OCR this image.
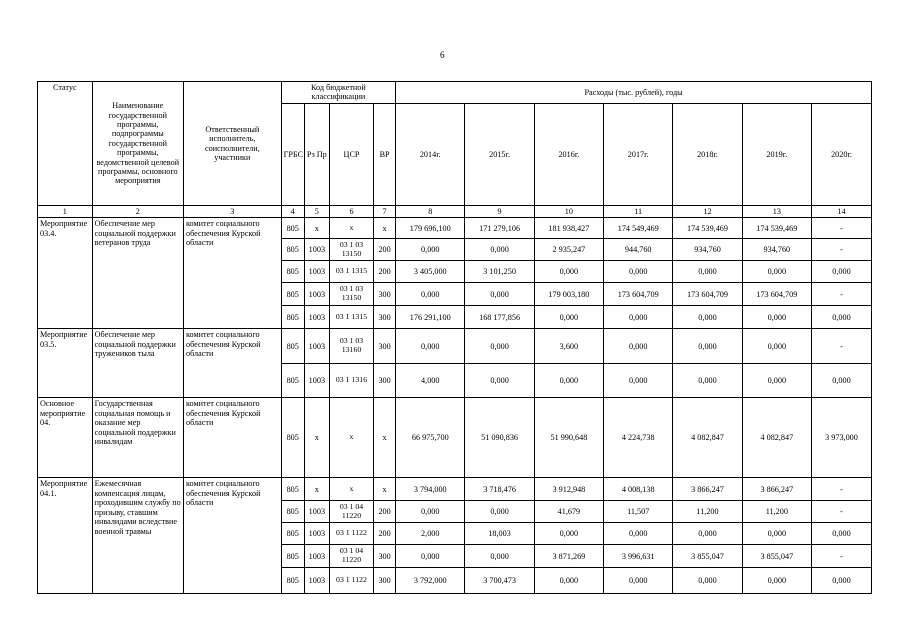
6
Статус	Наименование государственной программы, подпрограммы государственной программы, ведомственной целевой программы, основного мероприятия	Ответственный исполнитель, соисполнители, участники	Код бюджетной классификации				Расходы (тыс. рублей), годы						
			ГРБС	Рз Пр	ЦСР	ВР	2014г.	2015г.	2016г.	2017г.	2018г.	2019г.	2020г.
1	2	3	4	5	6	7	8	9	10	11	12	13	14
Мероприятие 03.4.	Обеспечение мер социальной поддержки ветеранов труда	комитет социального обеспечения Курской области	805	х	х	х	179 696,100	171 279,106	181 938,427	174 549,469	174 539,469	174 539,469	-
			805	1003	03 1 03 13150	200	0,000	0,000	2 935,247	944,760	934,760	934,760	-
			805	1003	03 1 1315	200	3 405,000	3 101,250	0,000	0,000	0,000	0,000	0,000
			805	1003	03 1 03 13150	300	0,000	0,000	179 003,180	173 604,709	173 604,709	173 604,709	-
			805	1003	03 1 1315	300	176 291,100	168 177,856	0,000	0,000	0,000	0,000	0,000
Мероприятие 03.5.	Обеспечение мер социальной поддержки тружеников тыла	комитет социального обеспечения Курской области	805	1003	03 1 03 13160	300	0,000	0,000	3,600	0,000	0,000	0,000	-
			805	1003	03 1 1316	300	4,000	0,000	0,000	0,000	0,000	0,000	0,000
Основное мероприятие 04.	Государственная социальная помощь и оказание мер социальной поддержки инвалидам	комитет социального обеспечения Курской области	805	х	х	х	66 975,700	51 090,836	51 990,648	4 224,738	4 082,847	4 082,847	3 973,000
Мероприятие 04.1.	Ежемесячная компенсация лицам, проходившим службу по призыву, ставшим инвалидами вследствие военной травмы	комитет социального обеспечения Курской области	805	х	х	х	3 794,000	3 718,476	3 912,948	4 008,138	3 866,247	3 866,247	-
			805	1003	03 1 04 11220	200	0,000	0,000	41,679	11,507	11,200	11,200	-
			805	1003	03 1 1122	200	2,000	18,003	0,000	0,000	0,000	0,000	0,000
			805	1003	03 1 04 11220	300	0,000	0,000	3 871,269	3 996,631	3 855,047	3 855,047	-
			805	1003	03 1 1122	300	3 792,000	3 700,473	0,000	0,000	0,000	0,000	0,000
